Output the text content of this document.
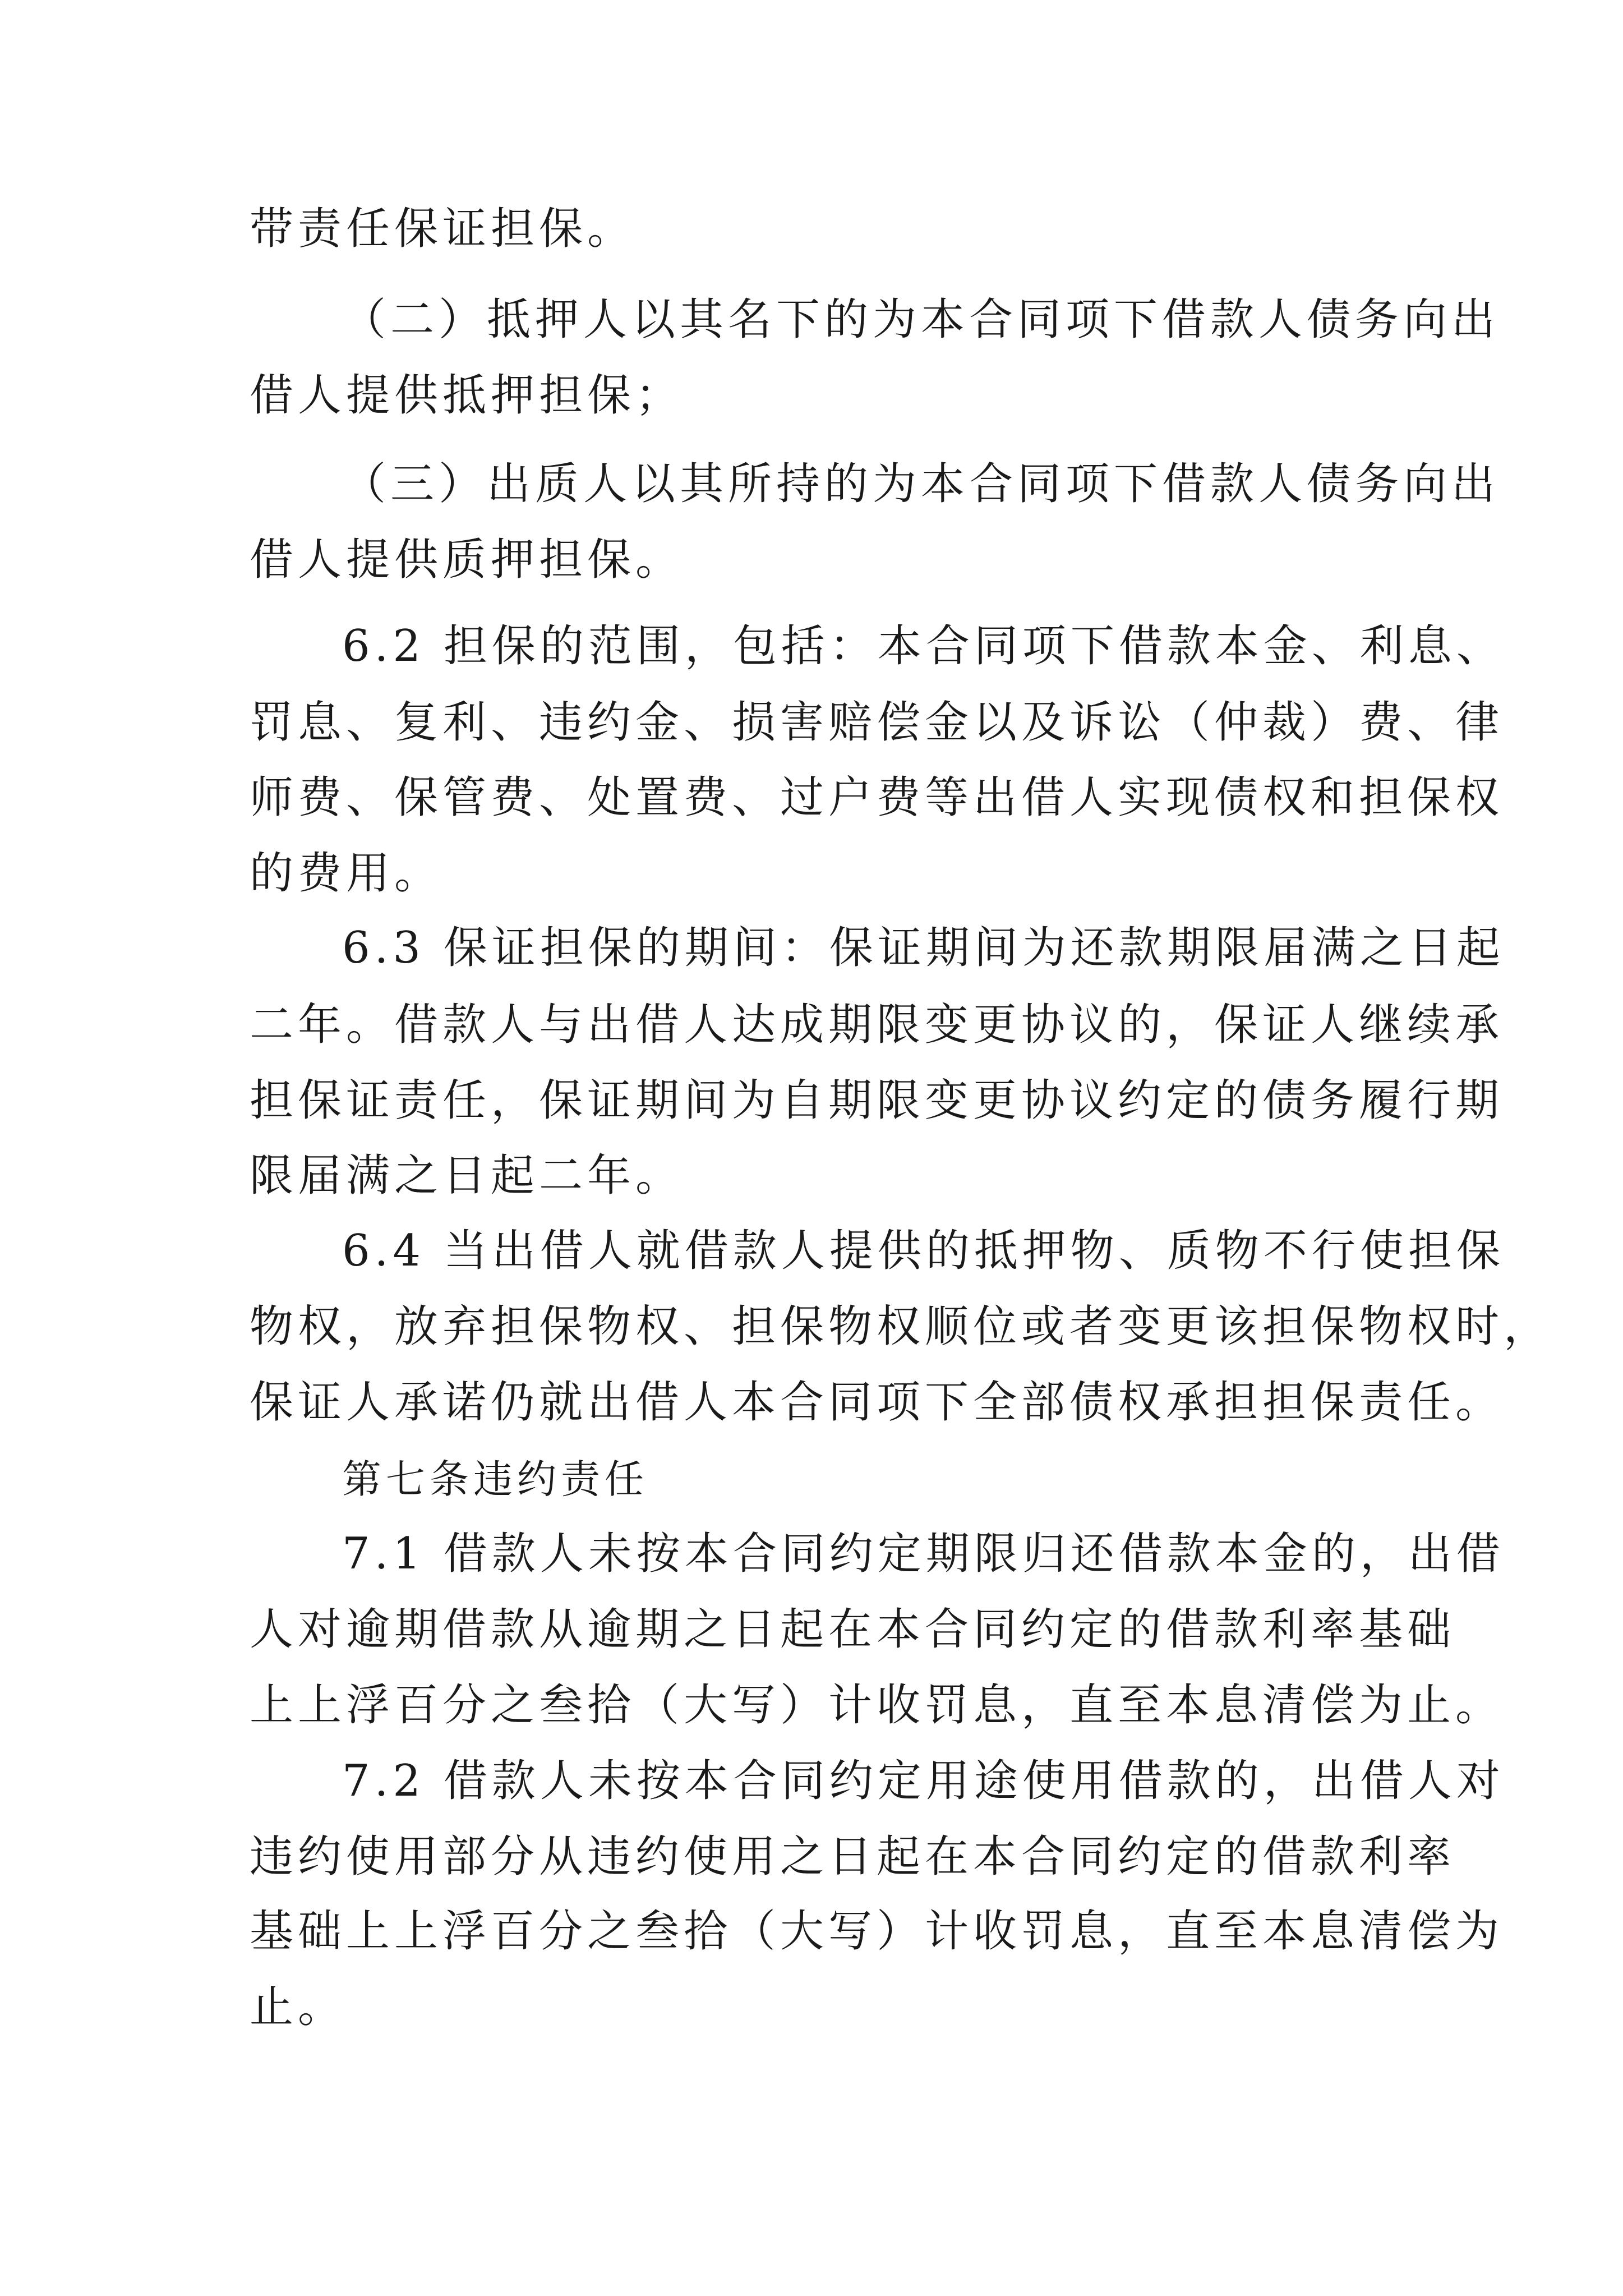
带责任保证担保。
（二）抵押人以其名下的为本合同项下借款人债务向出
借人提供抵押担保；
（三）出质人以其所持的为本合同项下借款人债务向出
借人提供质押担保。
6.2 担保的范围，包括：本合同项下借款本金、利息、
罚息、复利、违约金、损害赔偿金以及诉讼（仲裁）费、律
师费、保管费、处置费、过户费等出借人实现债权和担保权
的费用。
6.3 保证担保的期间：保证期间为还款期限届满之日起
二年。借款人与出借人达成期限变更协议的，保证人继续承
担保证责任，保证期间为自期限变更协议约定的债务履行期
限届满之日起二年。
6.4 当出借人就借款人提供的抵押物、质物不行使担保
物权，放弃担保物权、担保物权顺位或者变更该担保物权时，
保证人承诺仍就出借人本合同项下全部债权承担担保责任。
第七条违约责任
7.1 借款人未按本合同约定期限归还借款本金的，出借
人对逾期借款从逾期之日起在本合同约定的借款利率基础
上上浮百分之叁拾（大写）计收罚息，直至本息清偿为止。
7.2 借款人未按本合同约定用途使用借款的，出借人对
违约使用部分从违约使用之日起在本合同约定的借款利率
基础上上浮百分之叁拾（大写）计收罚息，直至本息清偿为
止。
